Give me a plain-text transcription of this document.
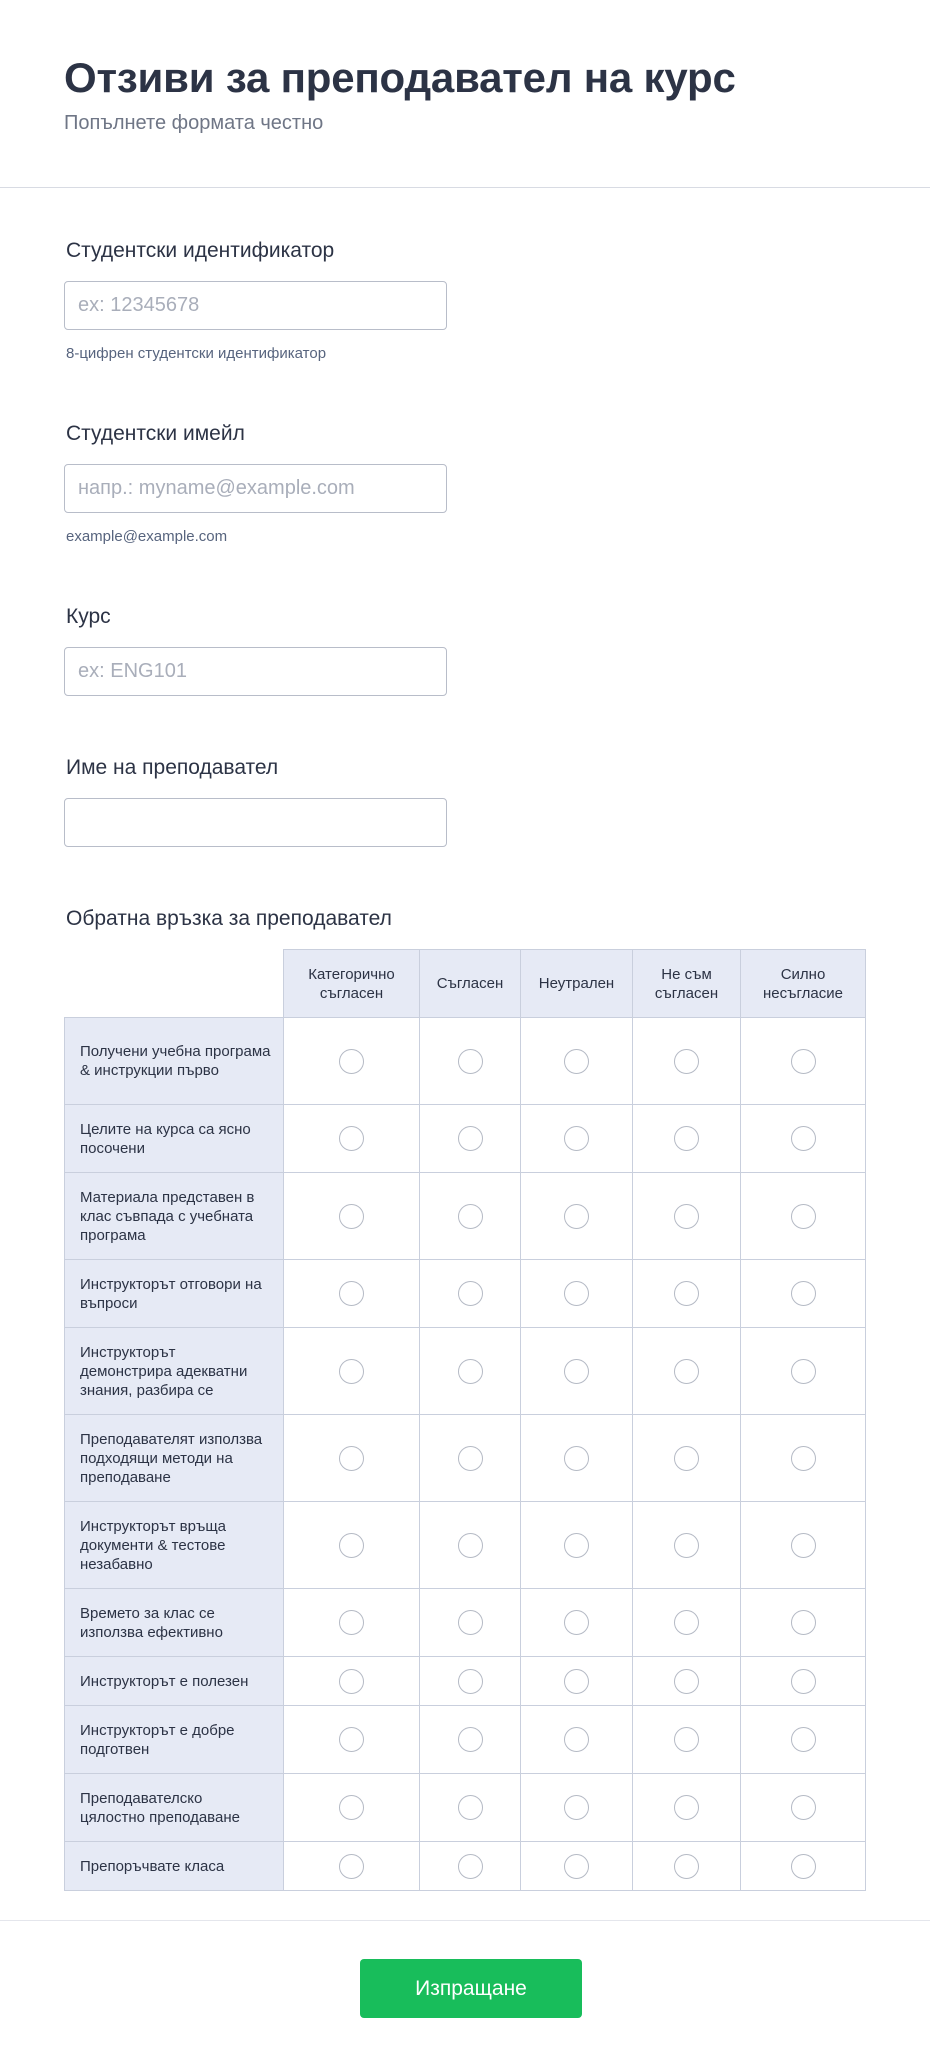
Отзиви за преподавател на курс
Попълнете формата честно
Студентски идентификатор
ex: 12345678
8-цифрен студентски идентификатор
Студентски имейл
напр.: myname@example.com
example@example.com
Курс
ex: ENG101
Име на преподавател
Обратна връзка за преподавател
	Категорично съгласен	Съгласен	Неутрален	Не съм съгласен	Силно несъгласие
Получени учебна програма & инструкции първо					
Целите на курса са ясно посочени					
Материала представен в клас съвпада с учебната програма					
Инструкторът отговори на въпроси					
Инструкторът демонстрира адекватни знания, разбира се					
Преподавателят използва подходящи методи на преподаване					
Инструкторът връща документи & тестове незабавно					
Времето за клас се използва ефективно					
Инструкторът е полезен					
Инструкторът е добре подготвен					
Преподавателско цялостно преподаване					
Препоръчвате класа					
Изпращане
